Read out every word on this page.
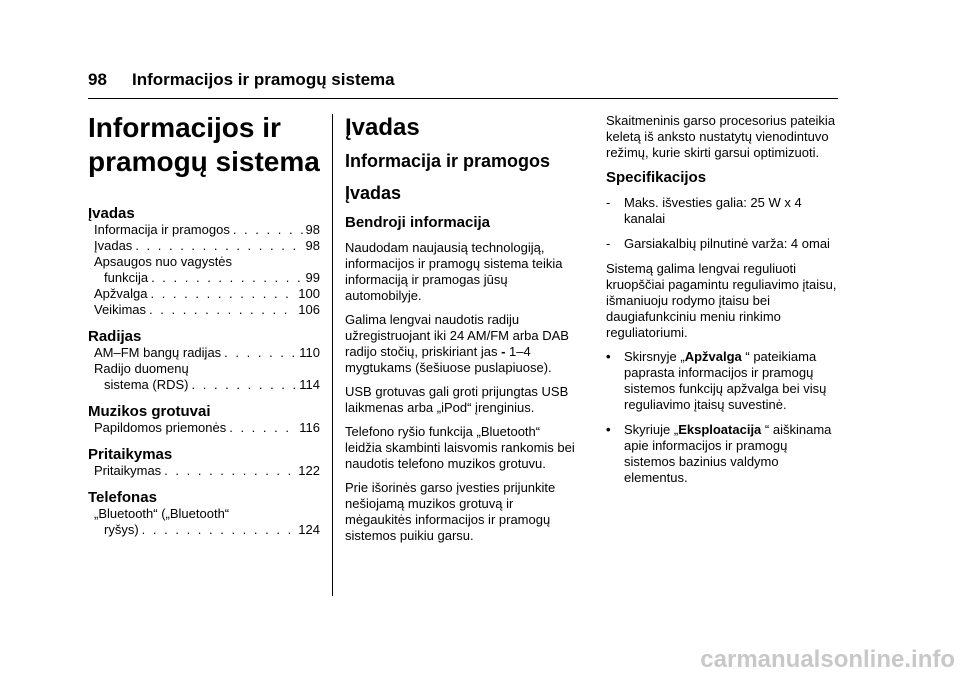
98 Informacijos ir pramogų sistema
Informacijos ir
pramogų sistema
Įvadas
Informacija ir pramogos . . .	98
Įvadas . . .	98
Apsaugos nuo vagystės
funkcija . . .	99
Apžvalga . . .	100
Veikimas . . .	106
Radijas
AM–FM bangų radijas . . .	110
Radijo duomenų
sistema (RDS) . . .	114
Muzikos grotuvai
Papildomos priemonės . . .	116
Pritaikymas
Pritaikymas . . .	122
Telefonas
„Bluetooth“ („Bluetooth“
ryšys) . . .	124
Įvadas
Informacija ir pramogos
Įvadas
Bendroji informacija

Naudodam naujausią technologiją, informacijos ir pramogų sistema teikia informaciją ir pramogas jūsų automobilyje.

Galima lengvai naudotis radiju užregistruojant iki 24 AM/FM arba DAB radijo stočių, priskiriant jas - 1–4 mygtukams (šešiuose puslapiuose).

USB grotuvas gali groti prijungtas USB laikmenas arba „iPod“ įrenginius.

Telefono ryšio funkcija „Bluetooth“ leidžia skambinti laisvomis rankomis bei naudotis telefono muzikos grotuvu.

Prie išorinės garso įvesties prijunkite nešiojamą muzikos grotuvą ir mėgaukitės informacijos ir pramogų sistemos puikiu garsu.

Skaitmeninis garso procesorius pateikia keletą iš anksto nustatytų vienodintuvo režimų, kurie skirti garsui optimizuoti.

Specifikacijos
-	Maks. išvesties galia: 25 W x 4 kanalai
-	Garsiakalbių pilnutinė varža: 4 omai

Sistemą galima lengvai reguliuoti kruopščiai pagamintu reguliavimo įtaisu, išmaniuoju rodymo įtaisu bei daugiafunkciniu meniu rinkimo reguliatoriumi.

•	Skirsnyje „Apžvalga “ pateikiama paprasta informacijos ir pramogų sistemos funkcijų apžvalga bei visų reguliavimo įtaisų suvestinė.
•	Skyriuje „Eksploatacija “ aiškinama apie informacijos ir pramogų sistemos bazinius valdymo elementus.
carmanualsonline.info
